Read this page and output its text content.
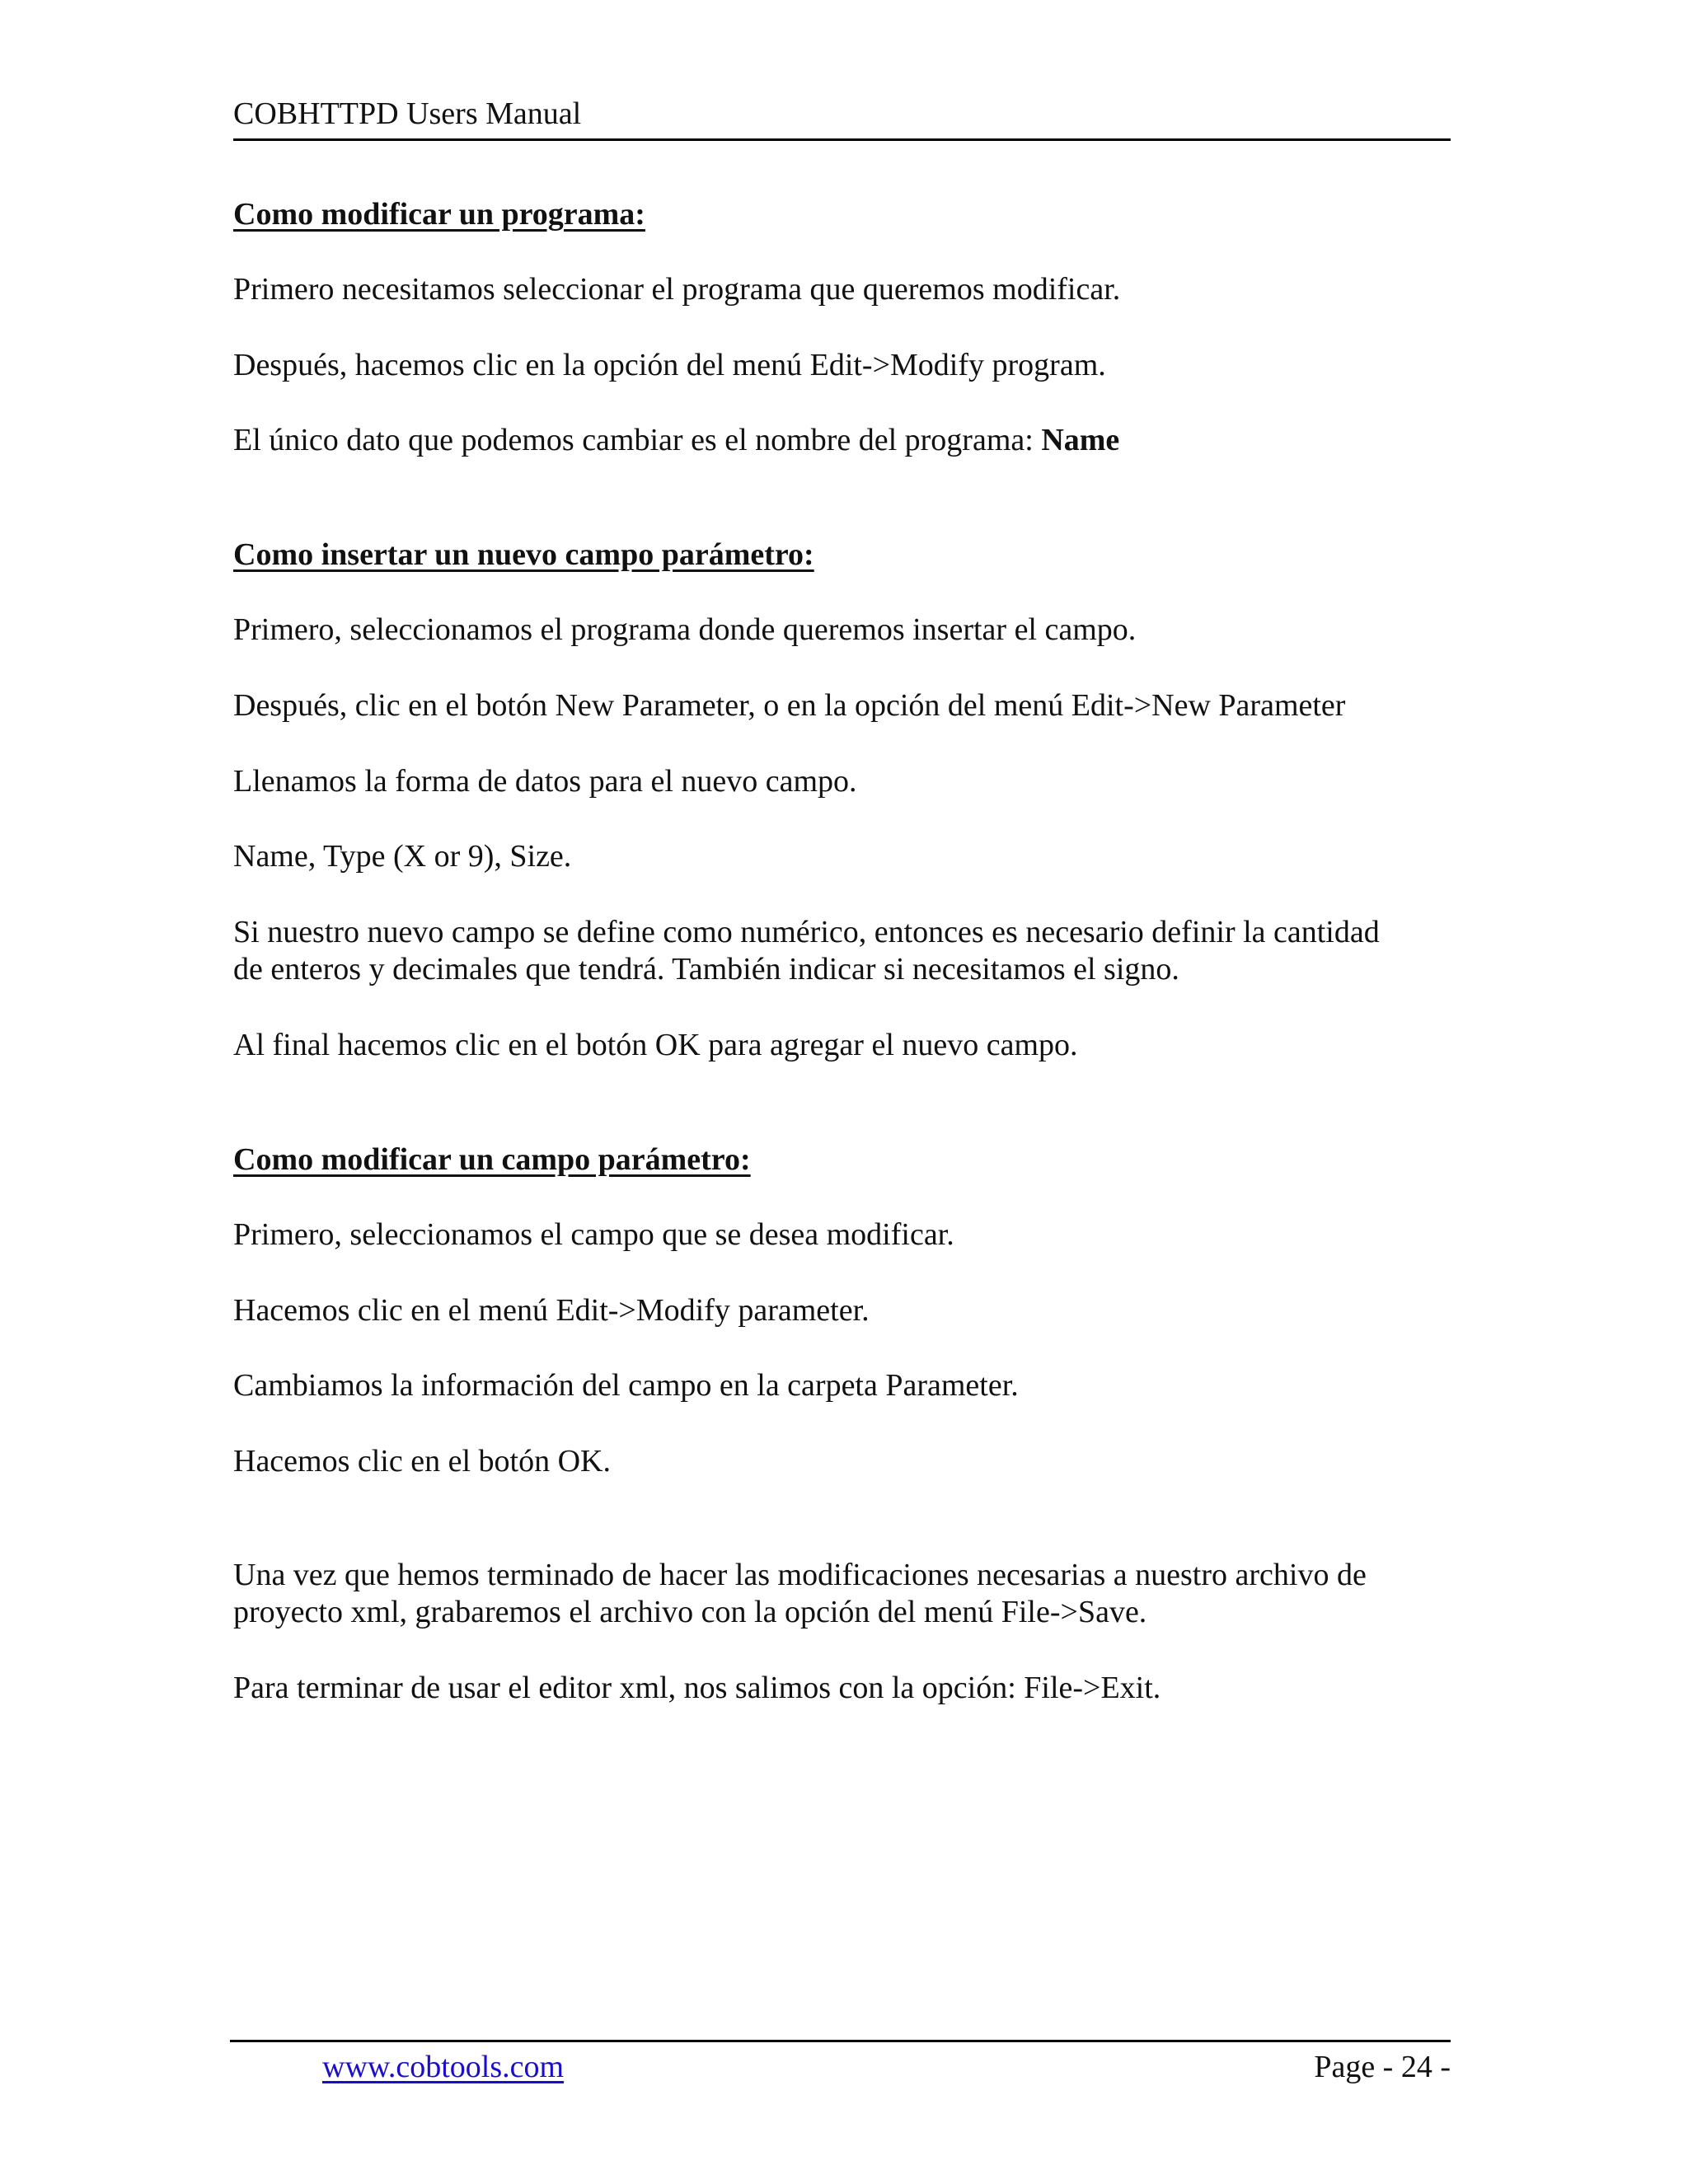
COBHTTPD Users Manual
Como modificar un programa:
Primero necesitamos seleccionar el programa que queremos modificar.
Después, hacemos clic en la opción del menú Edit->Modify program.
El único dato que podemos cambiar es el nombre del programa: Name
Como insertar un nuevo campo parámetro:
Primero, seleccionamos el programa donde queremos insertar el campo.
Después, clic en el botón New Parameter, o en la opción del menú Edit->New Parameter
Llenamos la forma de datos para el nuevo campo.
Name, Type (X or 9), Size.
Si nuestro nuevo campo se define como numérico, entonces es necesario definir la cantidad
de enteros y decimales que tendrá. También indicar si necesitamos el signo.
Al final hacemos clic en el botón OK para agregar el nuevo campo.
Como modificar un campo parámetro:
Primero, seleccionamos el campo que se desea modificar.
Hacemos clic en el menú Edit->Modify parameter.
Cambiamos la información del campo en la carpeta Parameter.
Hacemos clic en el botón OK.
Una vez que hemos terminado de hacer las modificaciones necesarias a nuestro archivo de
proyecto xml, grabaremos el archivo con la opción del menú File->Save.
Para terminar de usar el editor xml, nos salimos con la opción: File->Exit.
www.cobtools.com	Page - 24 -
